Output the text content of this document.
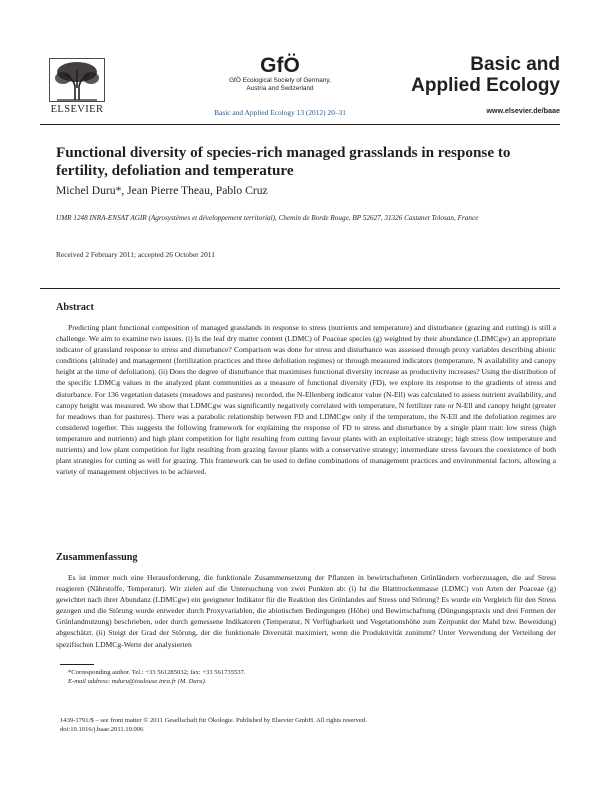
ELSEVIER
GfÖ
GfÖ Ecological Society of Germany,
Austria and Switzerland
Basic and Applied Ecology 13 (2012) 20–31
Basic and
Applied Ecology
www.elsevier.de/baae
Functional diversity of species-rich managed grasslands in response to fertility, defoliation and temperature
Michel Duru*, Jean Pierre Theau, Pablo Cruz
UMR 1248 INRA-ENSAT AGIR (Agrosystèmes et développement territorial), Chemin de Borde Rouge, BP 52627, 31326 Castanet Tolosan, France
Received 2 February 2011; accepted 26 October 2011
Abstract

Predicting plant functional composition of managed grasslands in response to stress (nutrients and temperature) and disturbance (grazing and cutting) is still a challenge. We aim to examine two issues. (i) Is the leaf dry matter content (LDMC) of Poaceae species (g) weighted by their abundance (LDMCgw) an appropriate indicator of grassland response to stress and disturbance? Comparison was done for stress and disturbance was assessed through proxy variables describing abiotic conditions (altitude) and management (fertilization practices and three defoliation regimes) or through measured indicators (temperature, N availability and canopy height at the time of defoliation). (ii) Does the degree of disturbance that maximises functional diversity increase as productivity increases? Using the distribution of the specific LDMCg values in the analyzed plant communities as a measure of functional diversity (FD), we explore its response to the gradients of stress and disturbance. For 136 vegetation datasets (meadows and pastures) recorded, the N-Ellenberg indicator value (N-Ell) was calculated to assess nutrient availability, and canopy height was measured. We show that LDMCgw was significantly negatively correlated with temperature, N fertilizer rate or N-Ell and canopy height (greater for meadows than for pastures). There was a parabolic relationship between FD and LDMCgw only if the temperature, the N-Ell and the defoliation regimes are considered together. This suggests the following framework for explaining the response of FD to stress and disturbance by a single plant trait: low stress (high temperature and nutrients) and high plant competition for light resulting from cutting favour plants with an exploitative strategy; high stress (low temperature and nutrients) and low plant competition for light resulting from grazing favour plants with a conservative strategy; intermediate stress favours the coexistence of both plant strategies for cutting as well for grazing. This framework can be used to define combinations of management practices and environmental factors, allowing a variety of management objectives to be achieved.

Zusammenfassung

Es ist immer noch eine Herausforderung, die funktionale Zusammensetzung der Pflanzen in bewirtschafteten Grünländern vorherzusagen, die auf Stress reagieren (Nährstoffe, Temperatur). Wir zielen auf die Untersuchung von zwei Punkten ab: (i) Ist die Blatttrockenmasse (LDMC) von Arten der Poaceae (g) gewichtet nach ihrer Abundanz (LDMCgw) ein geeigneter Indikator für die Reaktion des Grünlandes auf Stress und Störung? Es wurde ein Vergleich für den Stress gezogen und die Störung wurde entweder durch Proxyvariablen, die abiotischen Bedingungen (Höhe) und Bewirtschaftung (Düngungspraxis und drei Formen der Grünlandnutzung) beschrieben, oder durch gemessene Indikatoren (Temperatur, N Verfügbarkeit und Vegetationshöhe zum Zeitpunkt der Mahd bzw. Beweidung) abgeschätzt. (ii) Steigt der Grad der Störung, der die funktionale Diversität maximiert, wenn die Produktivität zunimmt? Unter Verwendung der Verteilung der spezifischen LDMCg-Werte der analysierten

*Corresponding author. Tel.: +33 561285032; fax: +33 561735537.
E-mail address: mduru@toulouse.inra.fr (M. Duru).
1439-1791/$ – see front matter © 2011 Gesellschaft für Ökologie. Published by Elsevier GmbH. All rights reserved.
doi:10.1016/j.baae.2011.10.006
